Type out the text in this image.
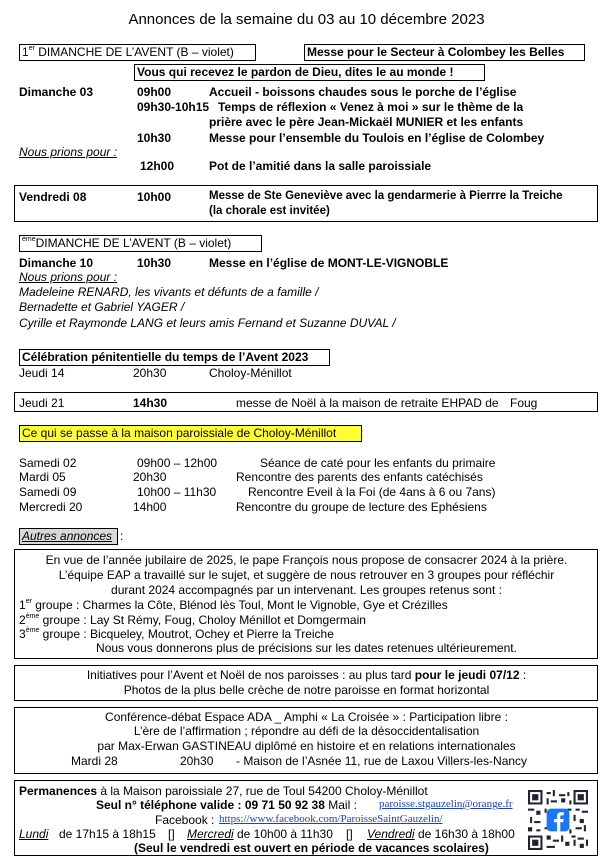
Annonces de la semaine du 03 au 10 décembre 2023
1er DIMANCHE DE L’AVENT (B – violet)	Messe pour le Secteur à Colombey les Belles
Vous qui recevez le pardon de Dieu, dites le au monde !
Dimanche 03	09h00	Accueil - boissons chaudes sous le porche de l’église
09h30-10h15 Temps de réflexion « Venez à moi » sur le thème de la
prière avec le père Jean-Mickaël MUNIER et les enfants
10h30	Messe pour l’ensemble du Toulois en l’église de Colombey
Nous prions pour :
12h00	Pot de l’amitié dans la salle paroissiale
Vendredi 08	10h00	Messe de Ste Geneviève avec la gendarmerie à Pierrre la Treiche
(la chorale est invitée)
$^{ème}$DIMANCHE DE L’AVENT (B – violet)
Dimanche 10	10h30	Messe en l’église de MONT-LE-VIGNOBLE
Nous prions pour :
Madeleine RENARD, les vivants et défunts de a famille /
Bernadette et Gabriel YAGER /
Cyrille et Raymonde LANG et leurs amis Fernand et Suzanne DUVAL /
Célébration pénitentielle du temps de l’Avent 2023
Jeudi 14	20h30	Choloy-Ménillot
Jeudi 21	14h30	messe de Noël à la maison de retraite EHPAD de Foug
Ce qui se passe à la maison paroissiale de Choloy-Ménillot	:
Samedi 02	09h00 – 12h00	Séance de caté pour les enfants du primaire
Mardi 05	20h30	Rencontre des parents des enfants catéchisés
Samedi 09	10h00 – 11h30	Rencontre Eveil à la Foi (de 4ans à 6 ou 7ans)
Mercredi 20	14h00	Rencontre du groupe de lecture des Ephésiens
Autres annonces :
En vue de l’année jubilaire de 2025, le pape François nous propose de consacrer 2024 à la prière.
L’équipe EAP a travaillé sur le sujet, et suggère de nous retrouver en 3 groupes pour réfléchir
durant 2024 accompagnés par un intervenant. Les groupes retenus sont :
1er groupe : Charmes la Côte, Blénod lès Toul, Mont le Vignoble, Gye et Crézilles
2ème groupe : Lay St Rémy, Foug, Choloy Ménillot et Domgermain
3ème groupe : Bicqueley, Moutrot, Ochey et Pierre la Treiche
Nous vous donnerons plus de précisions sur les dates retenues ultérieurement.
Initiatives pour l’Avent et Noël de nos paroisses : au plus tard pour le jeudi 07/12 :
Photos de la plus belle crèche de notre paroisse en format horizontal
Conférence-débat Espace ADA _ Amphi « La Croisée » : Participation libre :
L’ère de l’affirmation ; répondre au défi de la désoccidentalisation
par Max-Erwan GASTINEAU diplômé en histoire et en relations internationales
Mardi 28	20h30 - Maison de l’Asnée 11, rue de Laxou Villers-les-Nancy
Permanences à la Maison paroissiale 27, rue de Toul 54200 Choloy-Ménillot
Seul n° téléphone valide : 09 71 50 92 38 Mail : paroisse.stgauzelin@orange.fr
Facebook : https://www.facebook.com/ParoisseSaintGauzelin/
Lundi de 17h15 à 18h15 [] Mercredi de 10h00 à 11h30 [] Vendredi de 16h30 à 18h00
(Seul le vendredi est ouvert en période de vacances scolaires)
